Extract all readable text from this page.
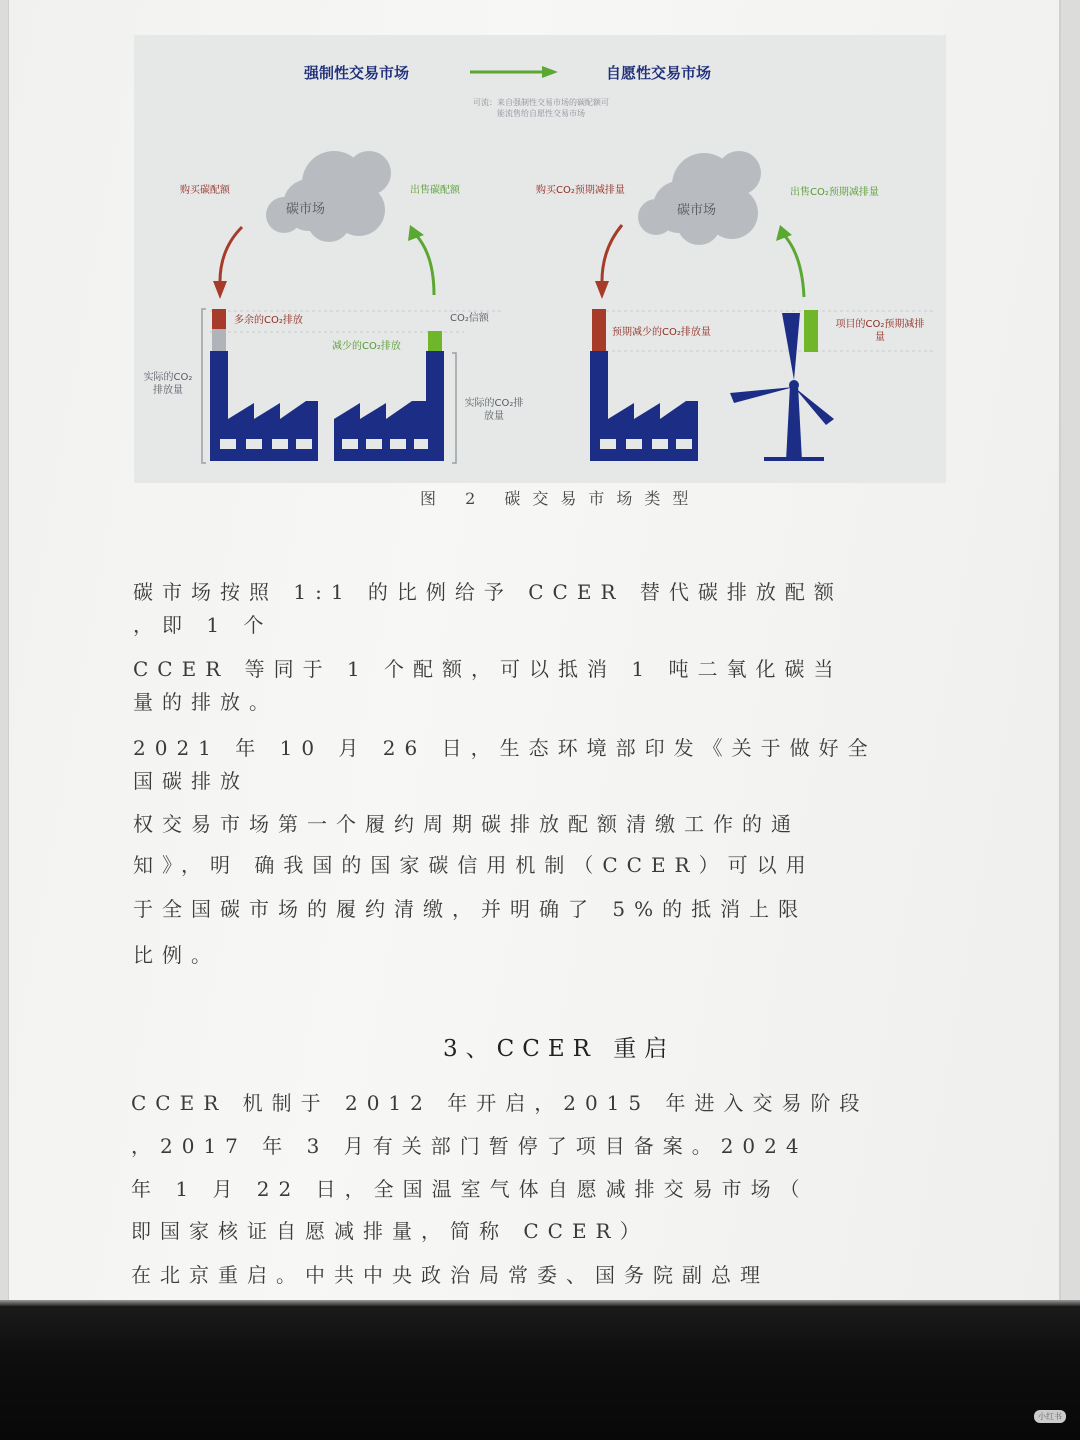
强制性交易市场	自愿性交易市场
可流：来自强制性交易市场的碳配额可
能流售给自愿性交易市场
碳市场	碳市场
购买碳配额	出售碳配额	购买CO₂预期减排量	出售CO₂预期减排量
多余的CO₂排放
减少的CO₂排放
CO₂信额
实际的CO₂排放量
实际的CO₂排放量
预期减少的CO₂排放量
项目的CO₂预期减排量
图 2 碳交易市场类型
碳市场按照 1:1 的比例给予 CCER 替代碳排放配额
，即 1 个
CCER 等同于 1 个配额，可以抵消 1 吨二氧化碳当
量的排放。
2021 年 10 月 26 日，生态环境部印发《关于做好全
国碳排放
权交易市场第一个履约周期碳排放配额清缴工作的通
知》，明 确我国的国家碳信用机制（CCER）可以用
于全国碳市场的履约清缴，并明确了 5%的抵消上限
比例。
3、CCER 重启
CCER 机制于 2012 年开启，2015 年进入交易阶段
，2017 年 3 月有关部门暂停了项目备案。2024
年 1 月 22 日，全国温室气体自愿减排交易市场（
即国家核证自愿减排量，简称 CCER）
在北京重启。中共中央政治局常委、国务院副总理
小红书
